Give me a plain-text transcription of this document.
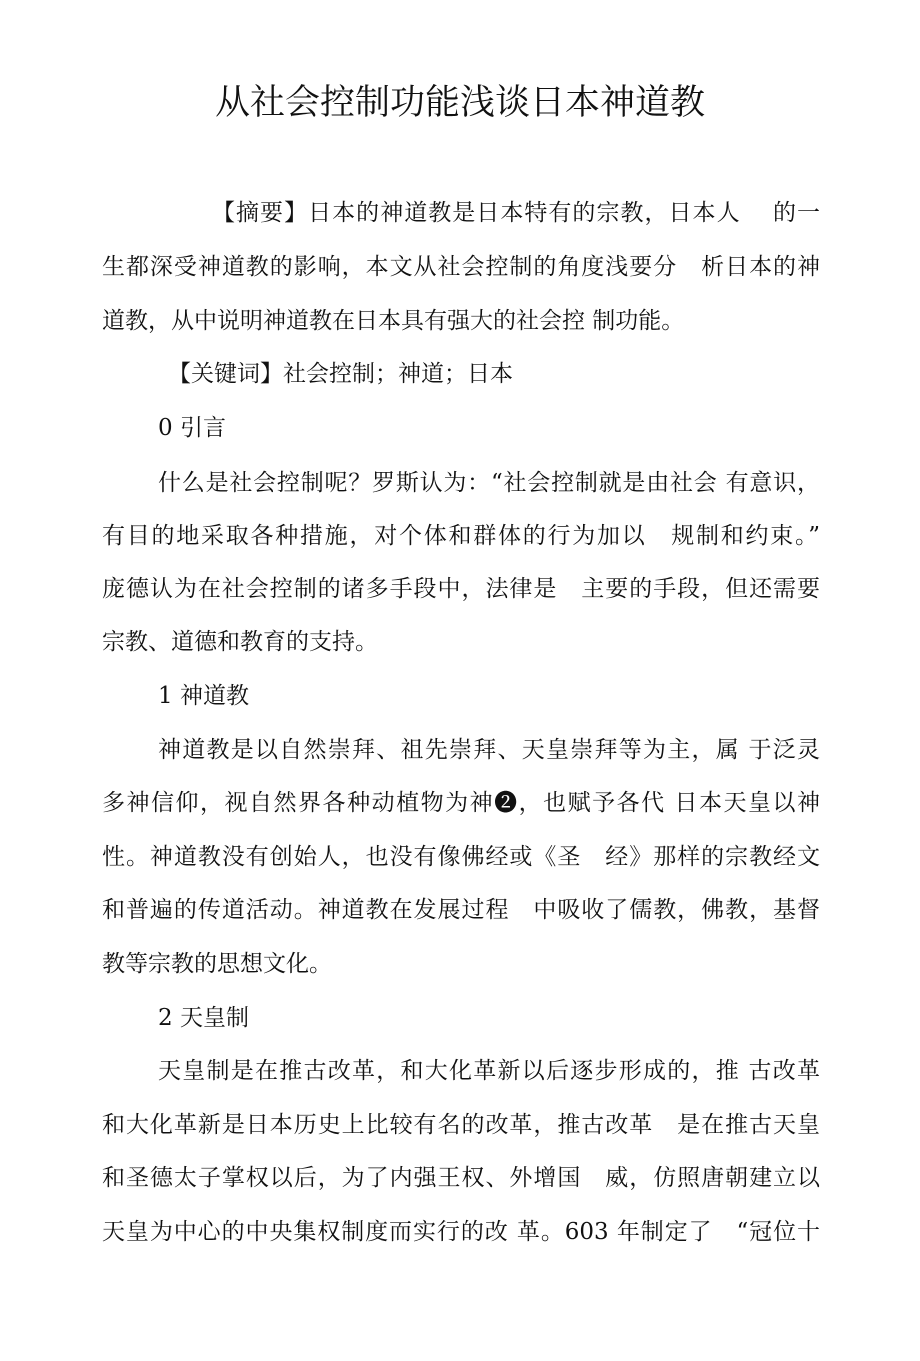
从社会控制功能浅谈日本神道教
【摘要】日本的神道教是日本特有的宗教，日本人　 的一
生都深受神道教的影响，本文从社会控制的角度浅要分　析日本的神
道教，从中说明神道教在日本具有强大的社会控 制功能。
【关键词】社会控制；神道；日本
0 引言
什么是社会控制呢？罗斯认为：“社会控制就是由社会 有意识，
有目的地采取各种措施，对个体和群体的行为加以　规制和约束。”
庞德认为在社会控制的诸多手段中，法律是　主要的手段，但还需要
宗教、道德和教育的支持。
1 神道教
神道教是以自然崇拜、祖先崇拜、天皇崇拜等为主，属 于泛灵
多神信仰，视自然界各种动植物为神❷，也赋予各代 日本天皇以神
性。神道教没有创始人，也没有像佛经或《圣　经》那样的宗教经文
和普遍的传道活动。神道教在发展过程　中吸收了儒教，佛教，基督
教等宗教的思想文化。
2 天皇制
天皇制是在推古改革，和大化革新以后逐步形成的，推 古改革
和大化革新是日本历史上比较有名的改革，推古改革　是在推古天皇
和圣德太子掌权以后，为了内强王权、外增国　威，仿照唐朝建立以
天皇为中心的中央集权制度而实行的改 革。603 年制定了　“冠位十
